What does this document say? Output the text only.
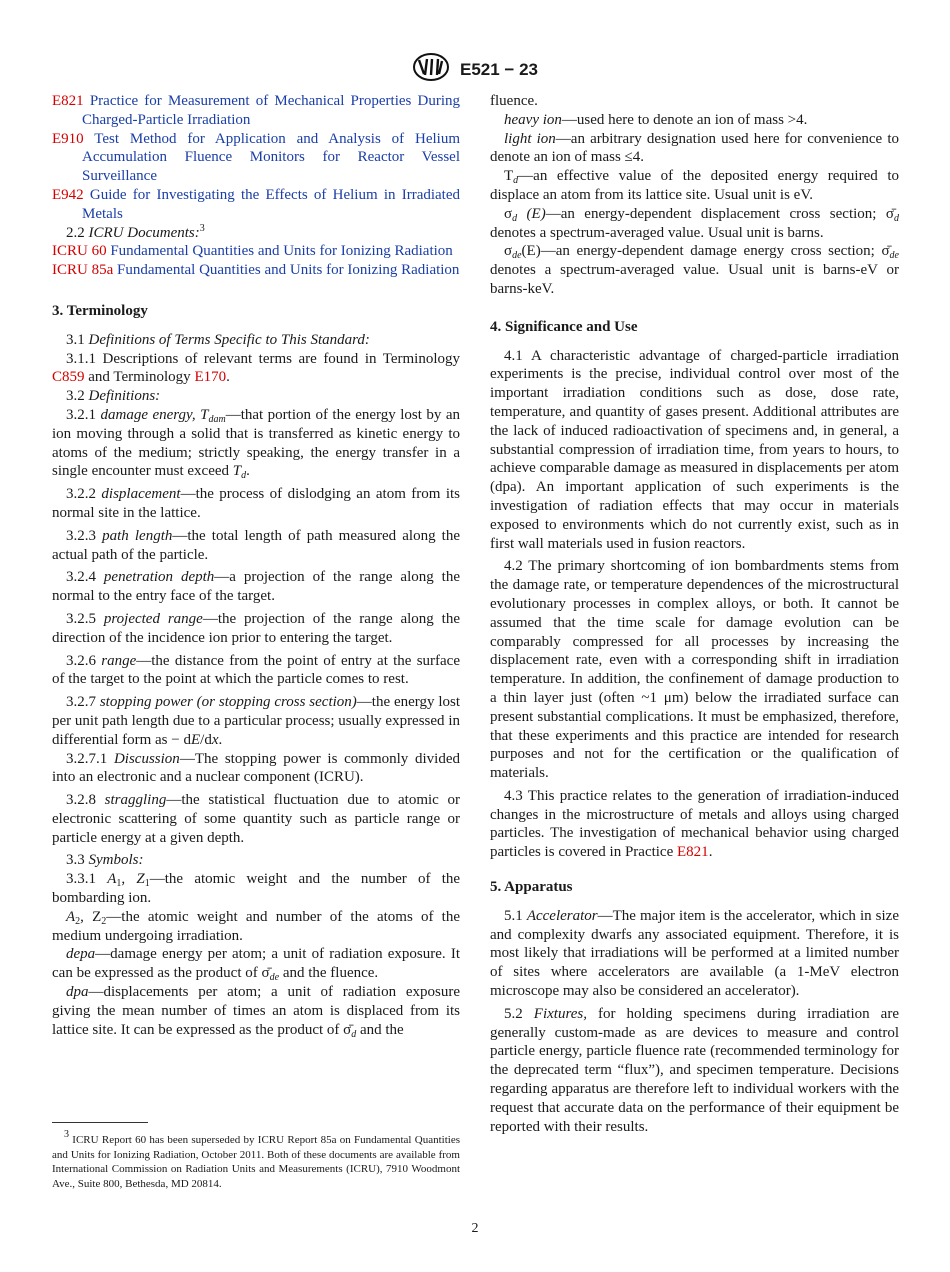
E521 − 23

E821 Practice for Measurement of Mechanical Properties During Charged-Particle Irradiation

E910 Test Method for Application and Analysis of Helium Accumulation Fluence Monitors for Reactor Vessel Surveillance

E942 Guide for Investigating the Effects of Helium in Irradiated Metals

2.2 ICRU Documents:$^3$

ICRU 60 Fundamental Quantities and Units for Ionizing Radiation

ICRU 85a Fundamental Quantities and Units for Ionizing Radiation

3. Terminology

3.1 Definitions of Terms Specific to This Standard:

3.1.1 Descriptions of relevant terms are found in Terminology C859 and Terminology E170.

3.2 Definitions:

3.2.1 damage energy, $T_{dam}—that$ portion of the energy lost by an ion moving through a solid that is transferred as kinetic energy to atoms of the medium; strictly speaking, the energy transfer in a single encounter must exceed $T_d$.

3.2.2 displacement—the process of dislodging an atom from its normal site in the lattice.

3.2.3 path length—the total length of path measured along the actual path of the particle.

3.2.4 penetration depth—a projection of the range along the normal to the entry face of the target.

3.2.5 projected range—the projection of the range along the direction of the incidence ion prior to entering the target.

3.2.6 range—the distance from the point of entry at the surface of the target to the point at which the particle comes to rest.

3.2.7 stopping power (or stopping cross section)—the energy lost per unit path length due to a particular process; usually expressed in differential form as − dE/dx.

3.2.7.1 Discussion—The stopping power is commonly divided into an electronic and a nuclear component (ICRU).

3.2.8 straggling—the statistical fluctuation due to atomic or electronic scattering of some quantity such as particle range or particle energy at a given depth.

3.3 Symbols:

3.3.1 $A_1$, $Z_1—the$ atomic weight and the number of the bombarding ion.

$A_2$, $Z_2—the$ atomic weight and number of the atoms of the medium undergoing irradiation.

depa—damage energy per atom; a unit of radiation exposure. It can be expressed as the product of $\sigmā_{de}$ and the fluence.

dpa—displacements per atom; a unit of radiation exposure giving the mean number of times an atom is displaced from its lattice site. It can be expressed as the product of $\sigmā_d$ and the

fluence.

heavy ion—used here to denote an ion of mass >4.

light ion—an arbitrary designation used here for convenience to denote an ion of mass ≤4.

$T_d—an$ effective value of the deposited energy required to displace an atom from its lattice site. Usual unit is eV.

$\sigma_d$ (E)—an energy-dependent displacement cross section; $\sigmā_d$ denotes a spectrum-averaged value. Usual unit is barns.

$\sigma_{de}(E)—an$ energy-dependent damage energy cross section; $\sigmā_{de}$ denotes a spectrum-averaged value. Usual unit is barns-eV or barns-keV.

4. Significance and Use

4.1 A characteristic advantage of charged-particle irradiation experiments is the precise, individual control over most of the important irradiation conditions such as dose, dose rate, temperature, and quantity of gases present. Additional attributes are the lack of induced radioactivation of specimens and, in general, a substantial compression of irradiation time, from years to hours, to achieve comparable damage as measured in displacements per atom (dpa). An important application of such experiments is the investigation of radiation effects that may occur in materials exposed to environments which do not currently exist, such as in first wall materials used in fusion reactors.

4.2 The primary shortcoming of ion bombardments stems from the damage rate, or temperature dependences of the microstructural evolutionary processes in complex alloys, or both. It cannot be assumed that the time scale for damage evolution can be comparably compressed for all processes by increasing the displacement rate, even with a corresponding shift in irradiation temperature. In addition, the confinement of damage production to a thin layer just (often ~1 μm) below the irradiated surface can present substantial complications. It must be emphasized, therefore, that these experiments and this practice are intended for research purposes and not for the certification or the qualification of materials.

4.3 This practice relates to the generation of irradiation-induced changes in the microstructure of metals and alloys using charged particles. The investigation of mechanical behavior using charged particles is covered in Practice E821.

5. Apparatus

5.1 Accelerator—The major item is the accelerator, which in size and complexity dwarfs any associated equipment. Therefore, it is most likely that irradiations will be performed at a limited number of sites where accelerators are available (a 1-MeV electron microscope may also be considered an accelerator).

5.2 Fixtures, for holding specimens during irradiation are generally custom-made as are devices to measure and control particle energy, particle fluence rate (recommended terminology for the deprecated term “flux”), and specimen temperature. Decisions regarding apparatus are therefore left to individual workers with the request that accurate data on the performance of their equipment be reported with their results.

$^3$ ICRU Report 60 has been superseded by ICRU Report 85a on Fundamental Quantities and Units for Ionizing Radiation, October 2011. Both of these documents are available from International Commission on Radiation Units and Measurements (ICRU), 7910 Woodmont Ave., Suite 800, Bethesda, MD 20814.

2
